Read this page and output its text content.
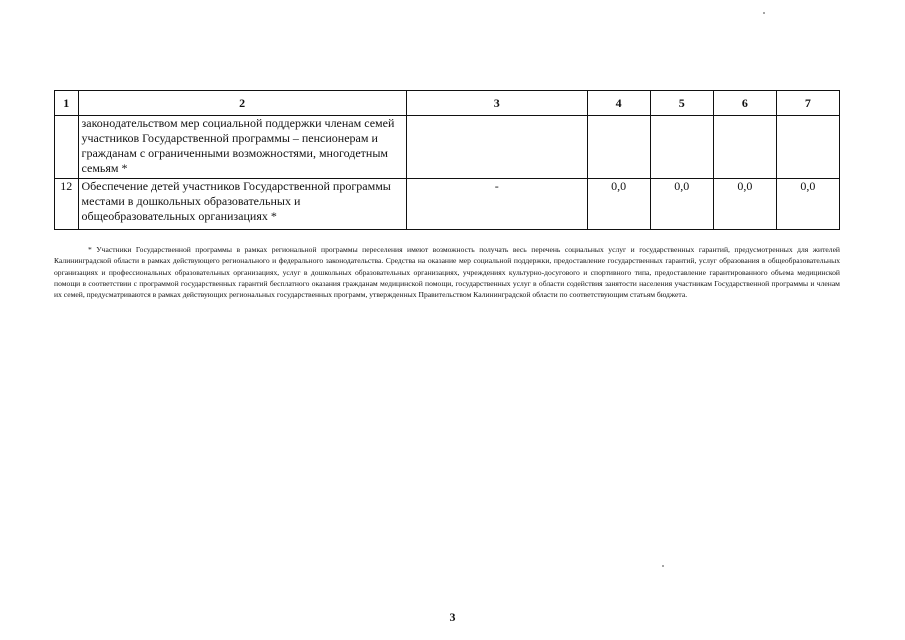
1	2	3	4	5	6	7
	законодательством мер социальной поддержки членам семей участников Государственной программы – пенсионерам и гражданам с ограниченными возможностями, многодетным семьям *					
12	Обеспечение детей участников Государственной программы местами в дошкольных образовательных и общеобразовательных организациях *	-	0,0	0,0	0,0	0,0

* Участники Государственной программы в рамках региональной программы переселения имеют возможность получать весь перечень социальных услуг и государственных гарантий, предусмотренных для жителей Калининградской области в рамках действующего регионального и федерального законодательства. Средства на оказание мер социальной поддержки, предоставление государственных гарантий, услуг образования в общеобразовательных организациях и профессиональных образовательных организациях, услуг в дошкольных образовательных организациях, учреждениях культурно-досугового и спортивного типа, предоставление гарантированного объема медицинской помощи в соответствии с программой государственных гарантий бесплатного оказания гражданам медицинской помощи, государственных услуг в области содействия занятости населения участникам Государственной программы и членам их семей, предусматриваются в рамках действующих региональных государственных программ, утвержденных Правительством Калининградской области по соответствующим статьям бюджета.

3
